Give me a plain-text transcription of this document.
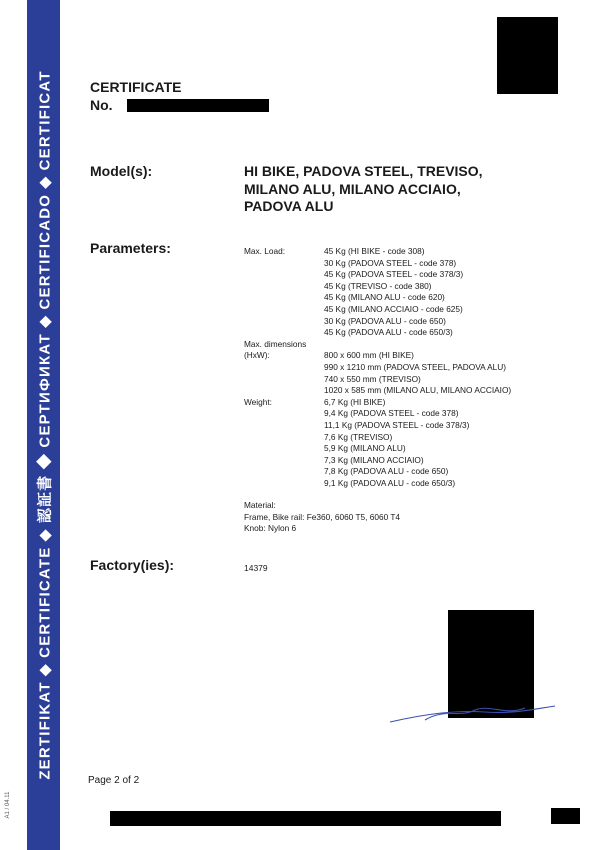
ZERTIFIKAT ◆ CERTIFICATE ◆ 認証書 ◆ СЕРТИФИКАТ ◆ CERTIFICADO ◆ CERTIFICAT
A1 / 04.11
CERTIFICATE
No.
Model(s):	HI BIKE, PADOVA STEEL, TREVISO,
MILANO ALU, MILANO ACCIAIO,
PADOVA ALU
Parameters:	Max. Load:	45 Kg (HI BIKE - code 308)
30 Kg (PADOVA STEEL - code 378)
45 Kg (PADOVA STEEL - code 378/3)
45 Kg (TREVISO - code 380)
45 Kg (MILANO ALU - code 620)
45 Kg (MILANO ACCIAIO - code 625)
30 Kg (PADOVA ALU - code 650)
45 Kg (PADOVA ALU - code 650/3)
Max. dimensions
(HxW):	800 x 600 mm (HI BIKE)
990 x 1210 mm (PADOVA STEEL, PADOVA ALU)
740 x 550 mm (TREVISO)
1020 x 585 mm (MILANO ALU, MILANO ACCIAIO)
Weight:	6,7 Kg (HI BIKE)
9,4 Kg (PADOVA STEEL - code 378)
11,1 Kg (PADOVA STEEL - code 378/3)
7,6 Kg (TREVISO)
5,9 Kg (MILANO ALU)
7,3 Kg (MILANO ACCIAIO)
7,8 Kg (PADOVA ALU - code 650)
9,1 Kg (PADOVA ALU - code 650/3)
Material:
Frame, Bike rail: Fe360, 6060 T5, 6060 T4
Knob: Nylon 6
Factory(ies):	14379
Page 2 of 2
